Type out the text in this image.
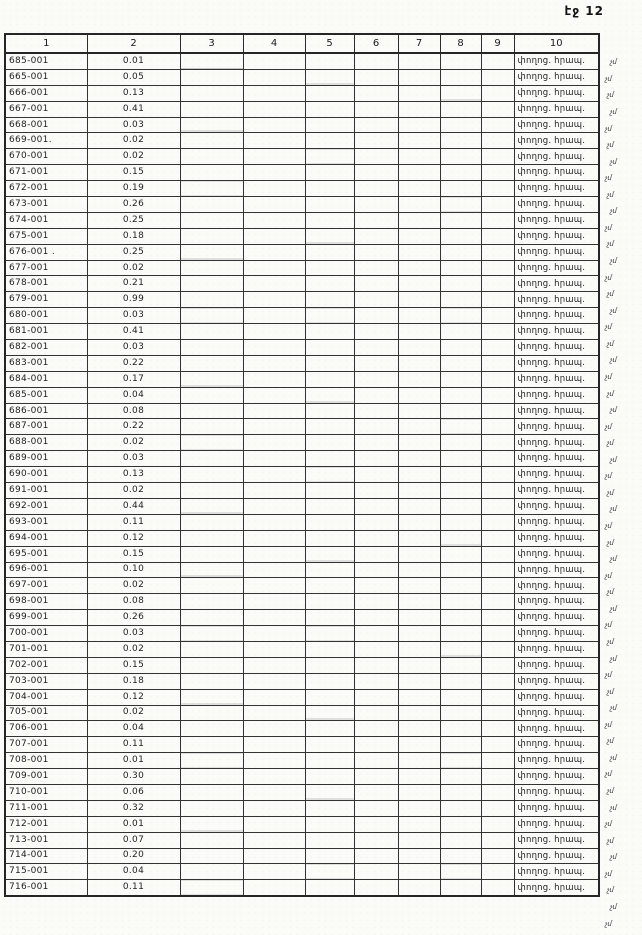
էջ 12
1	2	3	4	5	6	7	8	9	10
685-001	0.01								փողոց. հրապ.
665-001	0.05								փողոց. հրապ.
666-001	0.13								փողոց. հրապ.
667-001	0.41								փողոց. հրապ.
668-001	0.03								փողոց. հրապ.
669-001.	0.02								փողոց. հրապ.
670-001	0.02								փողոց. հրապ.
671-001	0.15								փողոց. հրապ.
672-001	0.19								փողոց. հրապ.
673-001	0.26								փողոց. հրապ.
674-001	0.25								փողոց. հրապ.
675-001	0.18								փողոց. հրապ.
676-001 .	0.25								փողոց. հրապ.
677-001	0.02								փողոց. հրապ.
678-001	0.21								փողոց. հրապ.
679-001	0.99								փողոց. հրապ.
680-001	0.03								փողոց. հրապ.
681-001	0.41								փողոց. հրապ.
682-001	0.03								փողոց. հրապ.
683-001	0.22								փողոց. հրապ.
684-001	0.17								փողոց. հրապ.
685-001	0.04								փողոց. հրապ.
686-001	0.08								փողոց. հրապ.
687-001	0.22								փողոց. հրապ.
688-001	0.02								փողոց. հրապ.
689-001	0.03								փողոց. հրապ.
690-001	0.13								փողոց. հրապ.
691-001	0.02								փողոց. հրապ.
692-001	0.44								փողոց. հրապ.
693-001	0.11								փողոց. հրապ.
694-001	0.12								փողոց. հրապ.
695-001	0.15								փողոց. հրապ.
696-001	0.10								փողոց. հրապ.
697-001	0.02								փողոց. հրապ.
698-001	0.08								փողոց. հրապ.
699-001	0.26								փողոց. հրապ.
700-001	0.03								փողոց. հրապ.
701-001	0.02								փողոց. հրապ.
702-001	0.15								փողոց. հրապ.
703-001	0.18								փողոց. հրապ.
704-001	0.12								փողոց. հրապ.
705-001	0.02								փողոց. հրապ.
706-001	0.04								փողոց. հրապ.
707-001	0.11								փողոց. հրապ.
708-001	0.01								փողոց. հրապ.
709-001	0.30								փողոց. հրապ.
710-001	0.06								փողոց. հրապ.
711-001	0.32								փողոց. հրապ.
712-001	0.01								փողոց. հրապ.
713-001	0.07								փողոց. հրապ.
714-001	0.20								փողոց. հրապ.
715-001	0.04								փողոց. հրապ.
716-001	0.11								փողոց. հրապ.
չմ
չմ
չմ
չմ
չմ
չմ
չմ
չմ
չմ
չմ
չմ
չմ
չմ
չմ
չմ
չմ
չմ
չմ
չմ
չմ
չմ
չմ
չմ
չմ
չմ
չմ
չմ
չմ
չմ
չմ
չմ
չմ
չմ
չմ
չմ
չմ
չմ
չմ
չմ
չմ
չմ
չմ
չմ
չմ
չմ
չմ
չմ
չմ
չմ
չմ
չմ
չմ
չմ
